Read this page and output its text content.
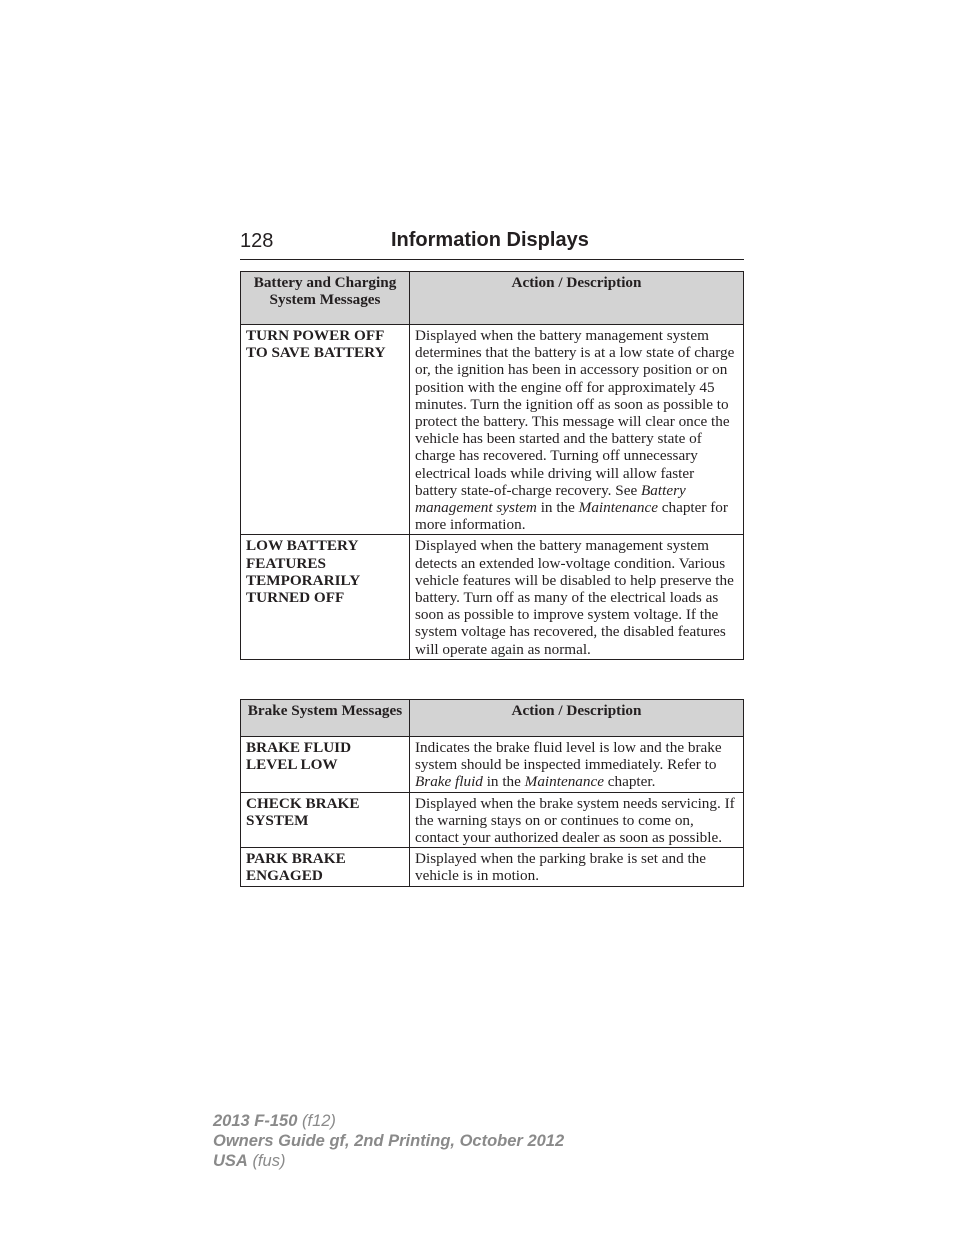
128	Information Displays
Battery and Charging System Messages	Action / Description
TURN POWER OFF TO SAVE BATTERY	Displayed when the battery management system determines that the battery is at a low state of charge or, the ignition has been in accessory position or on position with the engine off for approximately 45 minutes. Turn the ignition off as soon as possible to protect the battery. This message will clear once the vehicle has been started and the battery state of charge has recovered. Turning off unnecessary electrical loads while driving will allow faster battery state-of-charge recovery. See Battery management system in the Maintenance chapter for more information.
LOW BATTERY FEATURES TEMPORARILY TURNED OFF	Displayed when the battery management system detects an extended low-voltage condition. Various vehicle features will be disabled to help preserve the battery. Turn off as many of the electrical loads as soon as possible to improve system voltage. If the system voltage has recovered, the disabled features will operate again as normal.
Brake System Messages	Action / Description
BRAKE FLUID LEVEL LOW	Indicates the brake fluid level is low and the brake system should be inspected immediately. Refer to Brake fluid in the Maintenance chapter.
CHECK BRAKE SYSTEM	Displayed when the brake system needs servicing. If the warning stays on or continues to come on, contact your authorized dealer as soon as possible.
PARK BRAKE ENGAGED	Displayed when the parking brake is set and the vehicle is in motion.
2013 F-150 (f12)
Owners Guide gf, 2nd Printing, October 2012
USA (fus)
